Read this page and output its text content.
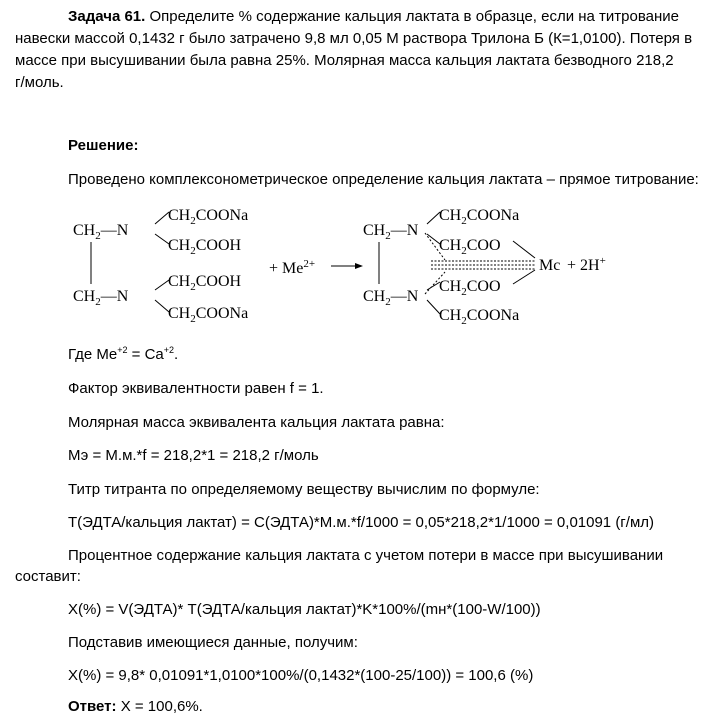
Задача 61. Определите % содержание кальция лактата в образце, если на титрование

навески массой 0,1432 г было затрачено 9,8 мл 0,05 М раствора Трилона Б (К=1,0100). Потеря в

массе при высушивании была равна 25%. Молярная масса кальция лактата безводного 218,2

г/моль.

Решение:

Проведено комплексонометрическое определение кальция лактата – прямое титрование:

$CH_2—N$
$CH_2COONa$
$CH_2COOH$
$CH_2COOH$
$CH_2—N$
$CH_2COONa$
+ $Me^{2+}$
$CH_2—N$
$CH_2COONa$
$CH_2COO$
$CH_2COO$
$CH_2—N$
$CH_2COONa$
Mc + 2H+

Где $Me^{+2} = Ca^{+2}$.

Фактор эквивалентности равен f = 1.

Молярная масса эквивалента кальция лактата равна:

Мэ = М.м.*f = 218,2*1 = 218,2 г/моль

Титр титранта по определяемому веществу вычислим по формуле:

Т(ЭДТА/кальция лактат) = С(ЭДТА)*М.м.*f/1000 = 0,05*218,2*1/1000 = 0,01091 (г/мл)

Процентное содержание кальция лактата с учетом потери в массе при высушивании

составит:

X(%) = V(ЭДТА)* Т(ЭДТА/кальция лактат)*K*100%/(mн*(100-W/100))

Подставив имеющиеся данные, получим:

X(%) = 9,8* 0,01091*1,0100*100%/(0,1432*(100-25/100)) = 100,6 (%)

Ответ: Х = 100,6%.
